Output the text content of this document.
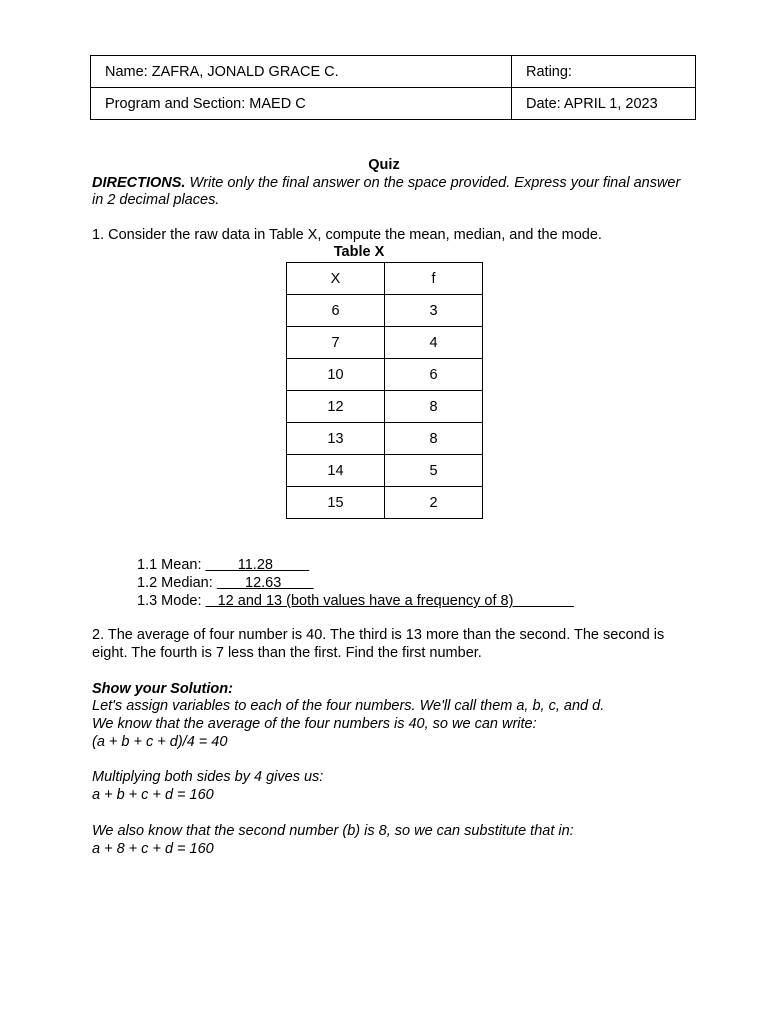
Name: ZAFRA, JONALD GRACE C.	Rating:
Program and Section: MAED C	Date: APRIL 1, 2023
Quiz
DIRECTIONS. Write only the final answer on the space provided. Express your final answer in 2 decimal places.
1. Consider the raw data in Table X, compute the mean, median, and the mode.
Table X
X	f
6	3
7	4
10	6
12	8
13	8
14	5
15	2
1.1 Mean:         11.28
1.2 Median:        12.63
1.3 Mode:    12 and 13 (both values have a frequency of 8)
2. The average of four number is 40. The third is 13 more than the second. The second is eight. The fourth is 7 less than the first. Find the first number.
Show your Solution:
Let's assign variables to each of the four numbers. We'll call them a, b, c, and d.
We know that the average of the four numbers is 40, so we can write:
(a + b + c + d)/4 = 40
Multiplying both sides by 4 gives us:
a + b + c + d = 160
We also know that the second number (b) is 8, so we can substitute that in:
a + 8 + c + d = 160
